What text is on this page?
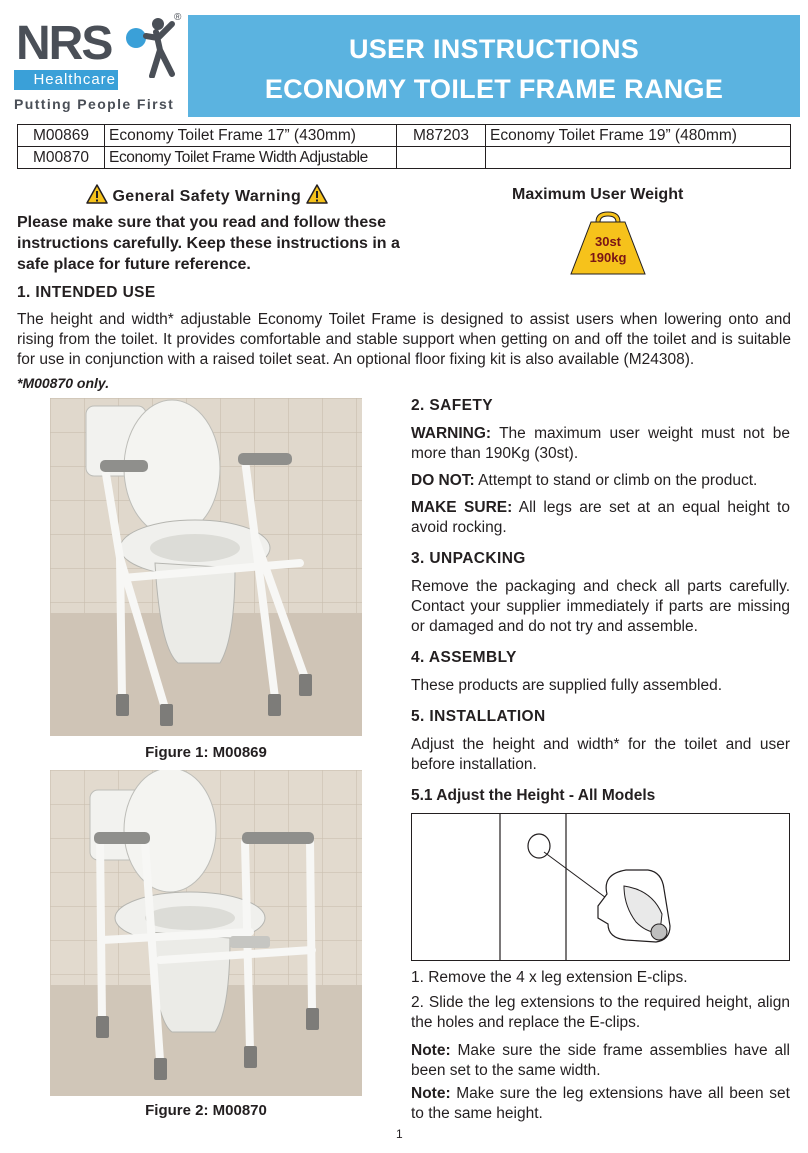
NRS	®
Healthcare
Putting People First
USER INSTRUCTIONS
ECONOMY TOILET FRAME RANGE
M00869	Economy Toilet Frame 17” (430mm)	M87203	Economy Toilet Frame 19” (480mm)
M00870	Economy Toilet Frame Width Adjustable		
General Safety Warning
Please make sure that you read and follow these instructions carefully. Keep these instructions in a safe place for future reference.
Maximum User Weight
30st
190kg
1. INTENDED USE
The height and width* adjustable Economy Toilet Frame is designed to assist users when lowering onto and rising from the toilet. It provides comfortable and stable support when getting on and off the toilet and is suitable for use in conjunction with a raised toilet seat. An optional floor fixing kit is also available (M24308).
*M00870 only.
Figure 1: M00869
Figure 2: M00870
2. SAFETY
WARNING: The maximum user weight must not be more than 190Kg (30st).
DO NOT: Attempt to stand or climb on the product.
MAKE SURE: All legs are set at an equal height to avoid rocking.
3. UNPACKING
Remove the packaging and check all parts carefully. Contact your supplier immediately if parts are missing or damaged and do not try and assemble.
4. ASSEMBLY
These products are supplied fully assembled.
5. INSTALLATION
Adjust the height and width* for the toilet and user before installation.
5.1 Adjust the Height - All Models
1. Remove the 4 x leg extension E-clips.
2. Slide the leg extensions to the required height, align the holes and replace the E-clips.
Note: Make sure the side frame assemblies have all been set to the same width.
Note: Make sure the leg extensions have all been set to the same height.
1
